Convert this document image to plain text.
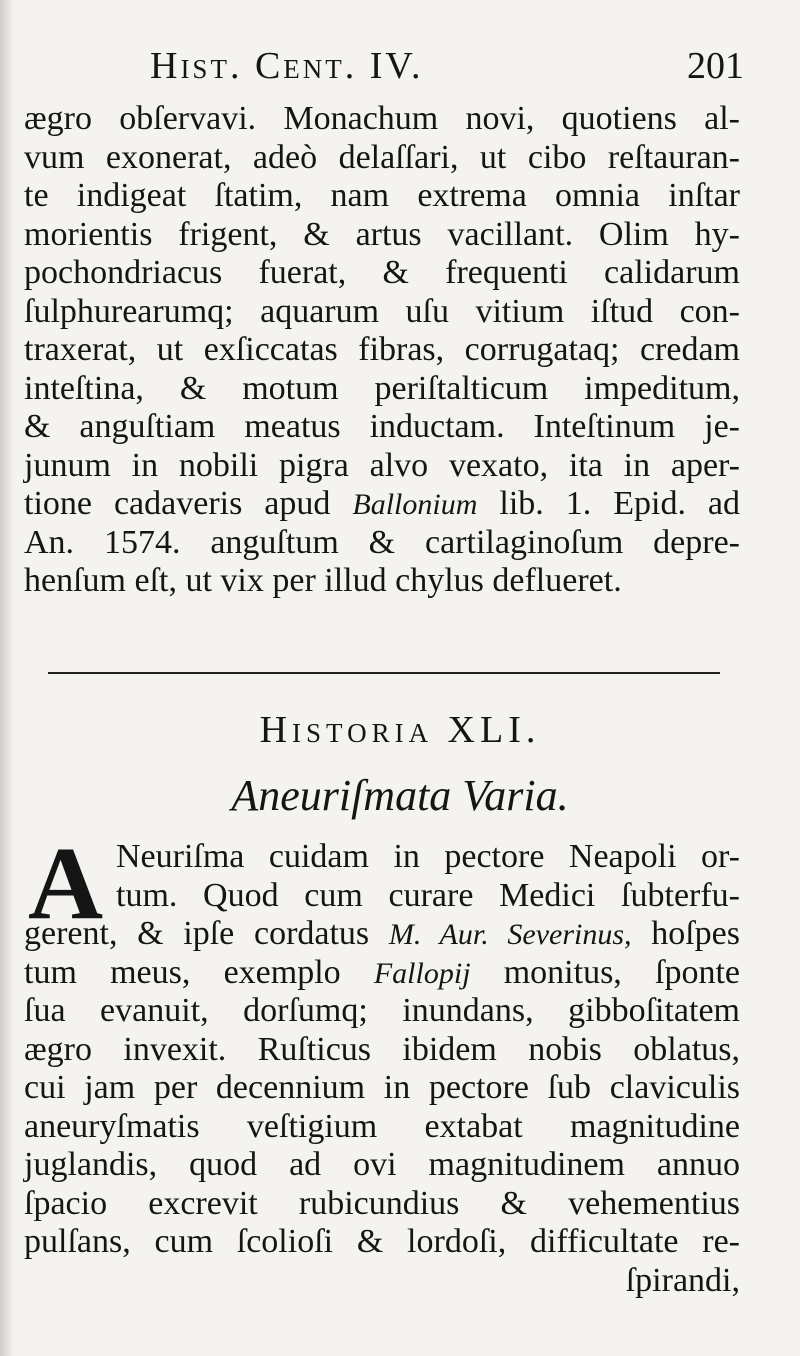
Hist. Cent. IV.	201
ægro obſervavi. Monachum novi, quotiens al-
vum exonerat, adeò delaſſari, ut cibo reſtauran-
te indigeat ſtatim, nam extrema omnia inſtar
morientis frigent, & artus vacillant. Olim hy-
pochondriacus fuerat, & frequenti calidarum
ſulphurearumq; aquarum uſu vitium iſtud con-
traxerat, ut exſiccatas fibras, corrugataq; credam
inteſtina, & motum periſtalticum impeditum,
& anguſtiam meatus inductam. Inteſtinum je-
junum in nobili pigra alvo vexato, ita in aper-
tione cadaveris apud Ballonium lib. 1. Epid. ad
An. 1574. anguſtum & cartilaginoſum depre-
henſum eſt, ut vix per illud chylus deflueret.
Historia XLI.
Aneuriſmata Varia.
A Neuriſma cuidam in pectore Neapoli or-
tum. Quod cum curare Medici ſubterfu-
gerent, & ipſe cordatus M. Aur. Severinus, hoſpes
tum meus, exemplo Fallopij monitus, ſponte
ſua evanuit, dorſumq; inundans, gibboſitatem
ægro invexit. Ruſticus ibidem nobis oblatus,
cui jam per decennium in pectore ſub claviculis
aneuryſmatis veſtigium extabat magnitudine
juglandis, quod ad ovi magnitudinem annuo
ſpacio excrevit rubicundius & vehementius
pulſans, cum ſcolioſi & lordoſi, difficultate re-
ſpirandi,
